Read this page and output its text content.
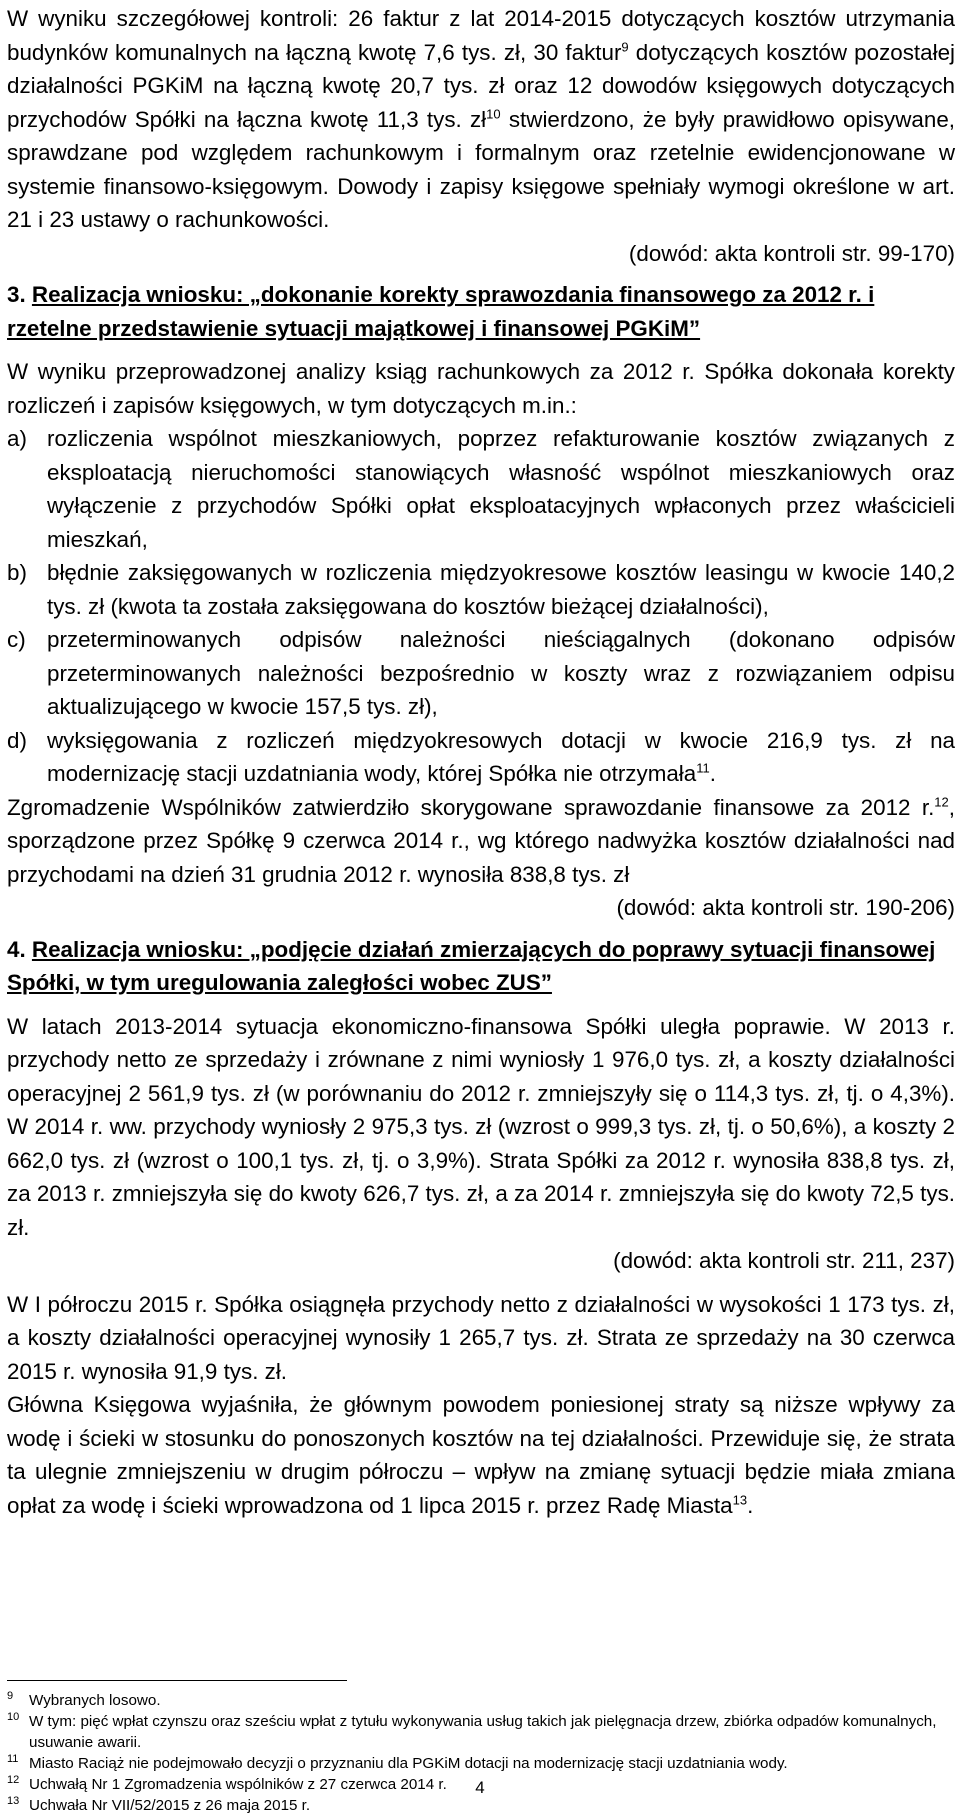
W wyniku szczegółowej kontroli: 26 faktur z lat 2014-2015 dotyczących kosztów utrzymania budynków komunalnych na łączną kwotę 7,6 tys. zł, 30 faktur$^9$ dotyczących kosztów pozostałej działalności PGKiM na łączną kwotę 20,7 tys. zł oraz 12 dowodów księgowych dotyczących przychodów Spółki na łączna kwotę 11,3 tys. $zł^{10}$ stwierdzono, że były prawidłowo opisywane, sprawdzane pod względem rachunkowym i formalnym oraz rzetelnie ewidencjonowane w systemie finansowo-księgowym. Dowody i zapisy księgowe spełniały wymogi określone w art. 21 i 23 ustawy o rachunkowości.

(dowód: akta kontroli str. 99-170)

3. Realizacja wniosku: „dokonanie korekty sprawozdania finansowego za 2012 r. i rzetelne przedstawienie sytuacji majątkowej i finansowej PGKiM”

W wyniku przeprowadzonej analizy ksiąg rachunkowych za 2012 r. Spółka dokonała korekty rozliczeń i zapisów księgowych, w tym dotyczących m.in.:

a) rozliczenia wspólnot mieszkaniowych, poprzez refakturowanie kosztów związanych z eksploatacją nieruchomości stanowiących własność wspólnot mieszkaniowych oraz wyłączenie z przychodów Spółki opłat eksploatacyjnych wpłaconych przez właścicieli mieszkań,
b) błędnie zaksięgowanych w rozliczenia międzyokresowe kosztów leasingu w kwocie 140,2 tys. zł (kwota ta została zaksięgowana do kosztów bieżącej działalności),
c) przeterminowanych odpisów należności nieściągalnych (dokonano odpisów przeterminowanych należności bezpośrednio w koszty wraz z rozwiązaniem odpisu aktualizującego w kwocie 157,5 tys. zł),
d) wyksięgowania z rozliczeń międzyokresowych dotacji w kwocie 216,9 tys. zł na modernizację stacji uzdatniania wody, której Spółka nie otrzymała$^{11}$.

Zgromadzenie Wspólników zatwierdziło skorygowane sprawozdanie finansowe za 2012 r.$^{12}$, sporządzone przez Spółkę 9 czerwca 2014 r., wg którego nadwyżka kosztów działalności nad przychodami na dzień 31 grudnia 2012 r. wynosiła 838,8 tys. zł

(dowód: akta kontroli str. 190-206)

4. Realizacja wniosku: „podjęcie działań zmierzających do poprawy sytuacji finansowej Spółki, w tym uregulowania zaległości wobec ZUS”

W latach 2013-2014 sytuacja ekonomiczno-finansowa Spółki uległa poprawie. W 2013 r. przychody netto ze sprzedaży i zrównane z nimi wyniosły 1 976,0 tys. zł, a koszty działalności operacyjnej 2 561,9 tys. zł (w porównaniu do 2012 r. zmniejszyły się o 114,3 tys. zł, tj. o 4,3%). W 2014 r. ww. przychody wyniosły 2 975,3 tys. zł (wzrost o 999,3 tys. zł, tj. o 50,6%), a koszty 2 662,0 tys. zł (wzrost o 100,1 tys. zł, tj. o 3,9%). Strata Spółki za 2012 r. wynosiła 838,8 tys. zł, za 2013 r. zmniejszyła się do kwoty 626,7 tys. zł, a za 2014 r. zmniejszyła się do kwoty 72,5 tys. zł.

(dowód: akta kontroli str. 211, 237)

W I półroczu 2015 r. Spółka osiągnęła przychody netto z działalności w wysokości 1 173 tys. zł, a koszty działalności operacyjnej wynosiły 1 265,7 tys. zł. Strata ze sprzedaży na 30 czerwca 2015 r. wynosiła 91,9 tys. zł.

Główna Księgowa wyjaśniła, że głównym powodem poniesionej straty są niższe wpływy za wodę i ścieki w stosunku do ponoszonych kosztów na tej działalności. Przewiduje się, że strata ta ulegnie zmniejszeniu w drugim półroczu – wpływ na zmianę sytuacji będzie miała zmiana opłat za wodę i ścieki wprowadzona od 1 lipca 2015 r. przez Radę Miasta$^{13}$.

9 Wybranych losowo.

10 W tym: pięć wpłat czynszu oraz sześciu wpłat z tytułu wykonywania usług takich jak pielęgnacja drzew, zbiórka odpadów komunalnych, usuwanie awarii.

11 Miasto Raciąż nie podejmowało decyzji o przyznaniu dla PGKiM dotacji na modernizację stacji uzdatniania wody.

12 Uchwałą Nr 1 Zgromadzenia wspólników z 27 czerwca 2014 r.

13 Uchwała Nr VII/52/2015 z 26 maja 2015 r.

4
